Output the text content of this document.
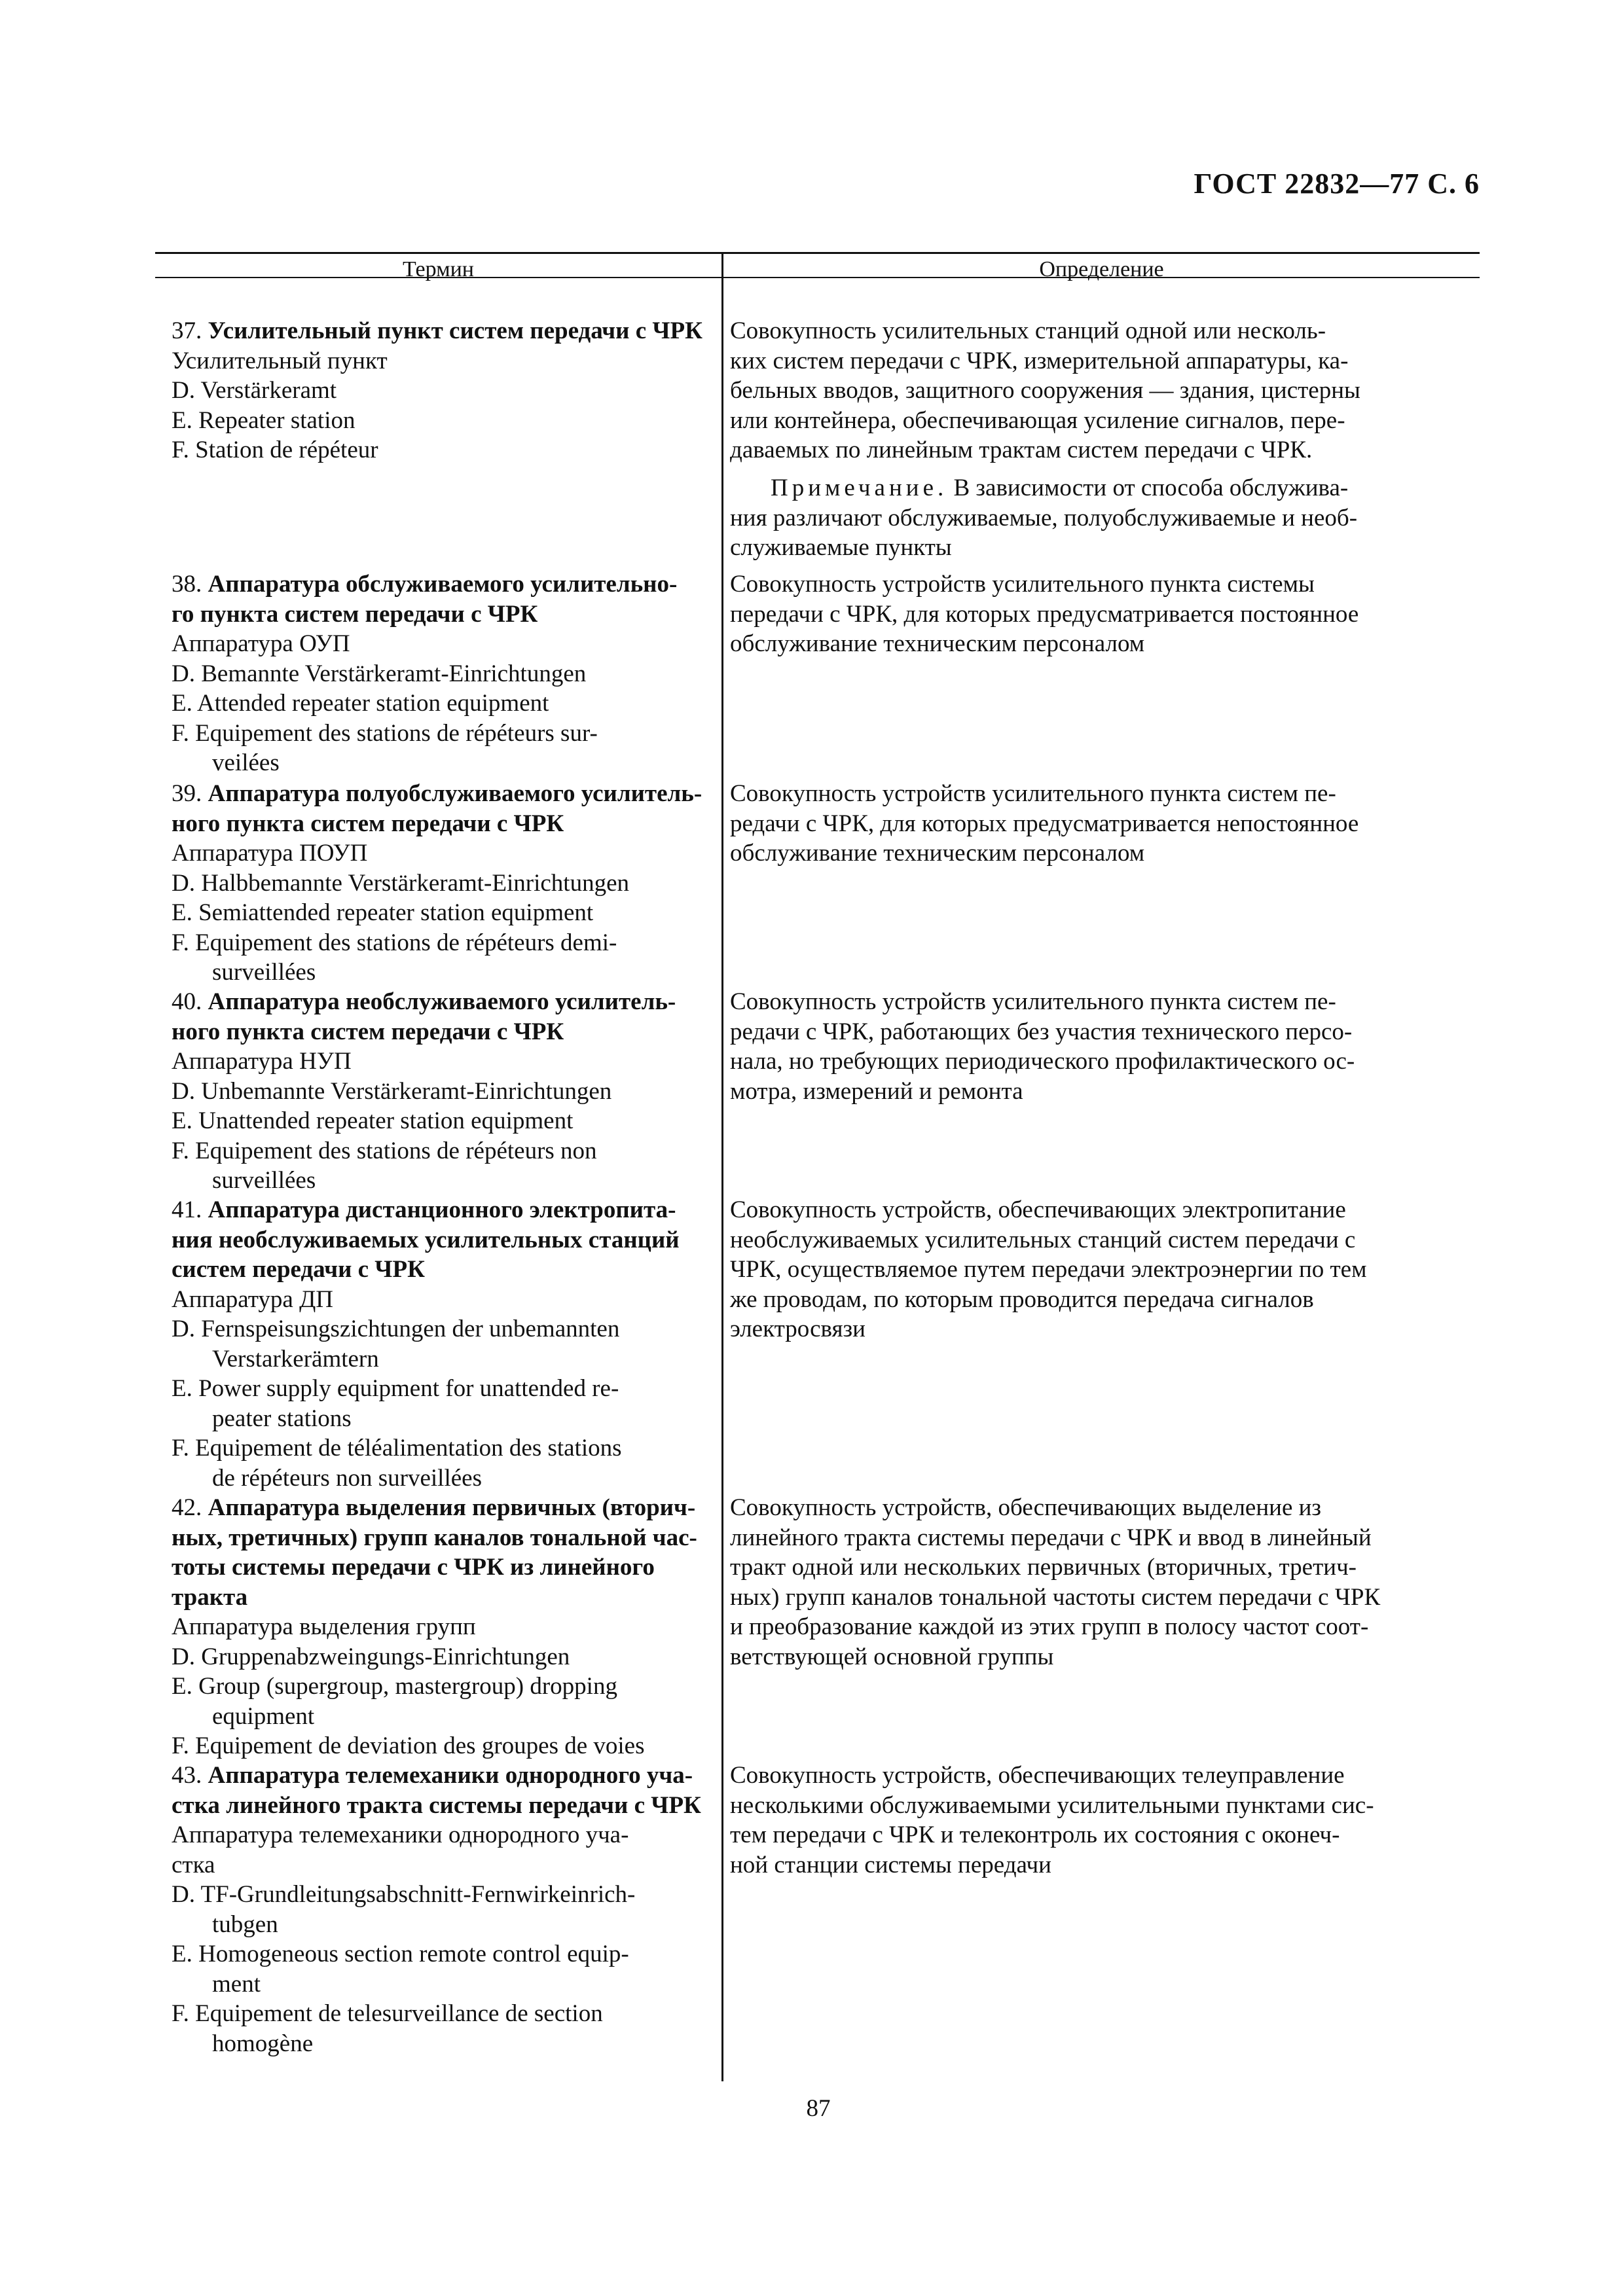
ГОСТ 22832—77 С. 6
Термин	Определение
37. Усилительный пункт систем передачи с ЧРК
Усилительный пункт
D. Verstärkeramt
E. Repeater station
F. Station de répéteur
Совокупность усилительных станций одной или несколь-
ких систем передачи с ЧРК, измерительной аппаратуры, ка-
бельных вводов, защитного сооружения — здания, цистерны
или контейнера, обеспечивающая усиление сигналов, пере-
даваемых по линейным трактам систем передачи с ЧРК.
Примечание. В зависимости от способа обслужива-
ния различают обслуживаемые, полуобслуживаемые и необ-
служиваемые пункты
38. Аппаратура обслуживаемого усилительно-
го пункта систем передачи с ЧРК
Аппаратура ОУП
D. Bemannte Verstärkeramt-Einrichtungen
E. Attended repeater station equipment
F. Equipement des stations de répéteurs sur-
veilées
Совокупность устройств усилительного пункта системы
передачи с ЧРК, для которых предусматривается постоянное
обслуживание техническим персоналом
39. Аппаратура полуобслуживаемого усилитель-
ного пункта систем передачи с ЧРК
Аппаратура ПОУП
D. Halbbemannte Verstärkeramt-Einrichtungen
E. Semiattended repeater station equipment
F. Equipement des stations de répéteurs demi-
surveillées
Совокупность устройств усилительного пункта систем пе-
редачи с ЧРК, для которых предусматривается непостоянное
обслуживание техническим персоналом
40. Аппаратура необслуживаемого усилитель-
ного пункта систем передачи с ЧРК
Аппаратура НУП
D. Unbemannte Verstärkeramt-Einrichtungen
E. Unattended repeater station equipment
F. Equipement des stations de répéteurs non
surveillées
Совокупность устройств усилительного пункта систем пе-
редачи с ЧРК, работающих без участия технического персо-
нала, но требующих периодического профилактического ос-
мотра, измерений и ремонта
41. Аппаратура дистанционного электропита-
ния необслуживаемых усилительных станций
систем передачи с ЧРК
Аппаратура ДП
D. Fernspeisungszichtungen der unbemannten
Verstarkerämtern
E. Power supply equipment for unattended re-
peater stations
F. Equipement de téléalimentation des stations
de répéteurs non surveillées
Совокупность устройств, обеспечивающих электропитание
необслуживаемых усилительных станций систем передачи с
ЧРК, осуществляемое путем передачи электроэнергии по тем
же проводам, по которым проводится передача сигналов
электросвязи
42. Аппаратура выделения первичных (вторич-
ных, третичных) групп каналов тональной час-
тоты системы передачи с ЧРК из линейного
тракта
Аппаратура выделения групп
D. Gruppenabzweingungs-Einrichtungen
E. Group (supergroup, mastergroup) dropping
equipment
F. Equipement de deviation des groupes de voies
Совокупность устройств, обеспечивающих выделение из
линейного тракта системы передачи с ЧРК и ввод в линейный
тракт одной или нескольких первичных (вторичных, третич-
ных) групп каналов тональной частоты систем передачи с ЧРК
и преобразование каждой из этих групп в полосу частот соот-
ветствующей основной группы
43. Аппаратура телемеханики однородного уча-
стка линейного тракта системы передачи с ЧРК
Аппаратура телемеханики однородного уча-
стка
D. TF-Grundleitungsabschnitt-Fernwirkeinrich-
tubgen
E. Homogeneous section remote control equip-
ment
F. Equipement de telesurveillance de section
homogène
Совокупность устройств, обеспечивающих телеуправление
несколькими обслуживаемыми усилительными пунктами сис-
тем передачи с ЧРК и телеконтроль их состояния с оконеч-
ной станции системы передачи
87
